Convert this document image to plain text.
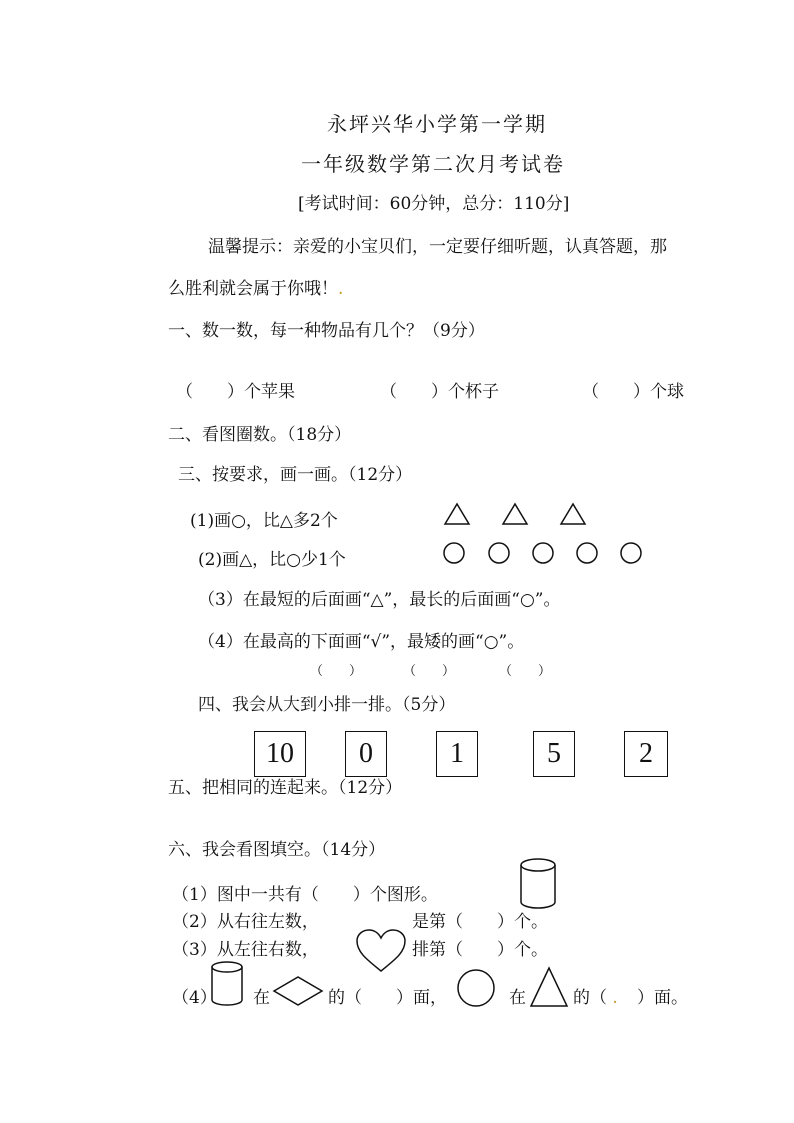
永坪兴华小学第一学期
一年级数学第二次月考试卷
[考试时间：60分钟，总分：110分]
温馨提示：亲爱的小宝贝们，一定要仔细听题，认真答题，那
么胜利就会属于你哦！.
一、数一数，每一种物品有几个？（9分）
（　　）个苹果	（　　）个杯子	（　　）个球
二、看图圈数。（18分）
三、按要求，画一画。（12分）
(1)画○，比△多2个
(2)画△，比○少1个
（3）在最短的后面画“△”，最长的后面画“○”。
（4）在最高的下面画“√”，最矮的画“○”。
（　　）	（　　）	（　　）
四、我会从大到小排一排。（5分）
五、把相同的连起来。（12分）
10	0	1	5	2
六、我会看图填空。（14分）
（1）图中一共有（　　）个图形。
（2）从右往左数，	是第（　　）个。
（3）从左往右数，	排第（　　）个。
（4） 在	的（　　）面，	在	的（ . ）面。
